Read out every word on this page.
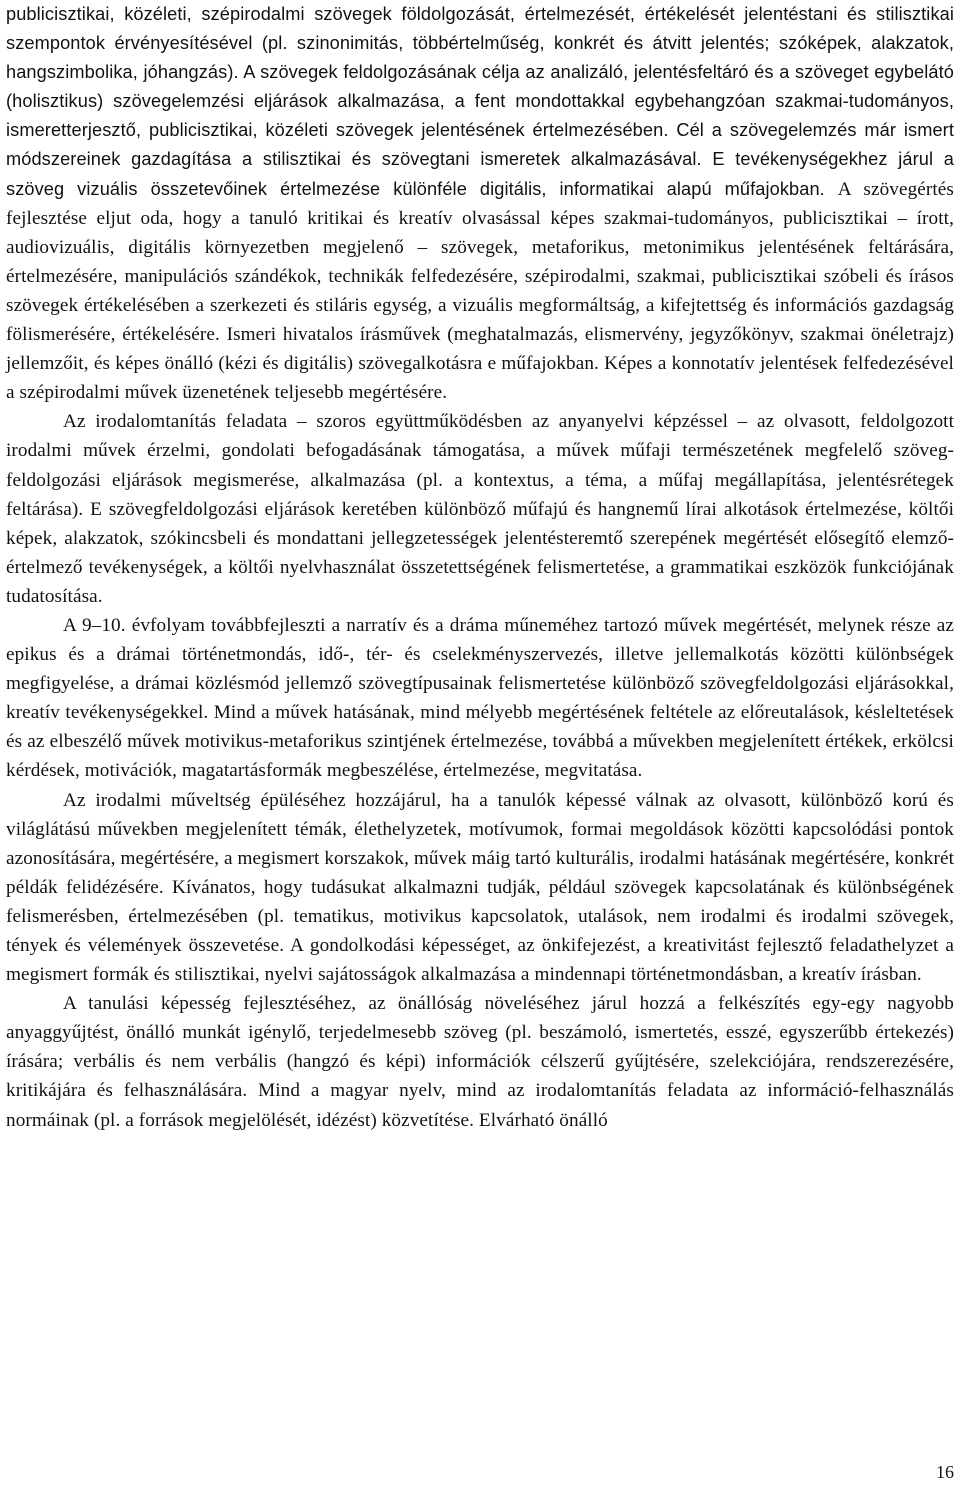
publicisztikai, közéleti, szépirodalmi szövegek földolgozását, értelmezését, értékelését jelentéstani és stilisztikai szempontok érvényesítésével (pl. szinonimitás, többértelműség, konkrét és átvitt jelentés; szóképek, alakzatok, hangszimbolika, jóhangzás). A szövegek feldolgozásának célja az analizáló, jelentésfeltáró és a szöveget egybelátó (holisztikus) szövegelemzési eljárások alkalmazása, a fent mondottakkal egybehangzóan szakmai-tudományos, ismeretterjesztő, publicisztikai, közéleti szövegek jelentésének értelmezésében. Cél a szövegelemzés már ismert módszereinek gazdagítása a stilisztikai és szövegtani ismeretek alkalmazásával. E tevékenységekhez járul a szöveg vizuális összetevőinek értelmezése különféle digitális, informatikai alapú műfajokban. A szövegértés fejlesztése eljut oda, hogy a tanuló kritikai és kreatív olvasással képes szakmai-tudományos, publicisztikai – írott, audiovizuális, digitális környezetben megjelenő – szövegek, metaforikus, metonimikus jelentésének feltárására, értelmezésére, manipulációs szándékok, technikák felfedezésére, szépirodalmi, szakmai, publicisztikai szóbeli és írásos szövegek értékelésében a szerkezeti és stiláris egység, a vizuális megformáltság, a kifejtettség és információs gazdagság fölismerésére, értékelésére. Ismeri hivatalos írásművek (meghatalmazás, elismervény, jegyzőkönyv, szakmai önéletrajz) jellemzőit, és képes önálló (kézi és digitális) szövegalkotásra e műfajokban. Képes a konnotatív jelentések felfedezésével a szépirodalmi művek üzenetének teljesebb megértésére.

Az irodalomtanítás feladata – szoros együttműködésben az anyanyelvi képzéssel – az olvasott, feldolgozott irodalmi művek érzelmi, gondolati befogadásának támogatása, a művek műfaji természetének megfelelő szöveg-feldolgozási eljárások megismerése, alkalmazása (pl. a kontextus, a téma, a műfaj megállapítása, jelentésrétegek feltárása). E szövegfeldolgozási eljárások keretében különböző műfajú és hangnemű lírai alkotások értelmezése, költői képek, alakzatok, szókincsbeli és mondattani jellegzetességek jelentésteremtő szerepének megértését elősegítő elemző-értelmező tevékenységek, a költői nyelvhasználat összetettségének felismertetése, a grammatikai eszközök funkciójának tudatosítása.

A 9–10. évfolyam továbbfejleszti a narratív és a dráma műneméhez tartozó művek megértését, melynek része az epikus és a drámai történetmondás, idő-, tér- és cselekményszervezés, illetve jellemalkotás közötti különbségek megfigyelése, a drámai közlésmód jellemző szövegtípusainak felismertetése különböző szövegfeldolgozási eljárásokkal, kreatív tevékenységekkel. Mind a művek hatásának, mind mélyebb megértésének feltétele az előreutalások, késleltetések és az elbeszélő művek motivikus-metaforikus szintjének értelmezése, továbbá a művekben megjelenített értékek, erkölcsi kérdések, motivációk, magatartásformák megbeszélése, értelmezése, megvitatása.

Az irodalmi műveltség épüléséhez hozzájárul, ha a tanulók képessé válnak az olvasott, különböző korú és világlátású művekben megjelenített témák, élethelyzetek, motívumok, formai megoldások közötti kapcsolódási pontok azonosítására, megértésére, a megismert korszakok, művek máig tartó kulturális, irodalmi hatásának megértésére, konkrét példák felidézésére. Kívánatos, hogy tudásukat alkalmazni tudják, például szövegek kapcsolatának és különbségének felismerésben, értelmezésében (pl. tematikus, motivikus kapcsolatok, utalások, nem irodalmi és irodalmi szövegek, tények és vélemények összevetése. A gondolkodási képességet, az önkifejezést, a kreativitást fejlesztő feladathelyzet a megismert formák és stilisztikai, nyelvi sajátosságok alkalmazása a mindennapi történetmondásban, a kreatív írásban.

A tanulási képesség fejlesztéséhez, az önállóság növeléséhez járul hozzá a felkészítés egy-egy nagyobb anyaggyűjtést, önálló munkát igénylő, terjedelmesebb szöveg (pl. beszámoló, ismertetés, esszé, egyszerűbb értekezés) írására; verbális és nem verbális (hangzó és képi) információk célszerű gyűjtésére, szelekciójára, rendszerezésére, kritikájára és felhasználására. Mind a magyar nyelv, mind az irodalomtanítás feladata az információ-felhasználás normáinak (pl. a források megjelölését, idézést) közvetítése. Elvárható önálló

16
